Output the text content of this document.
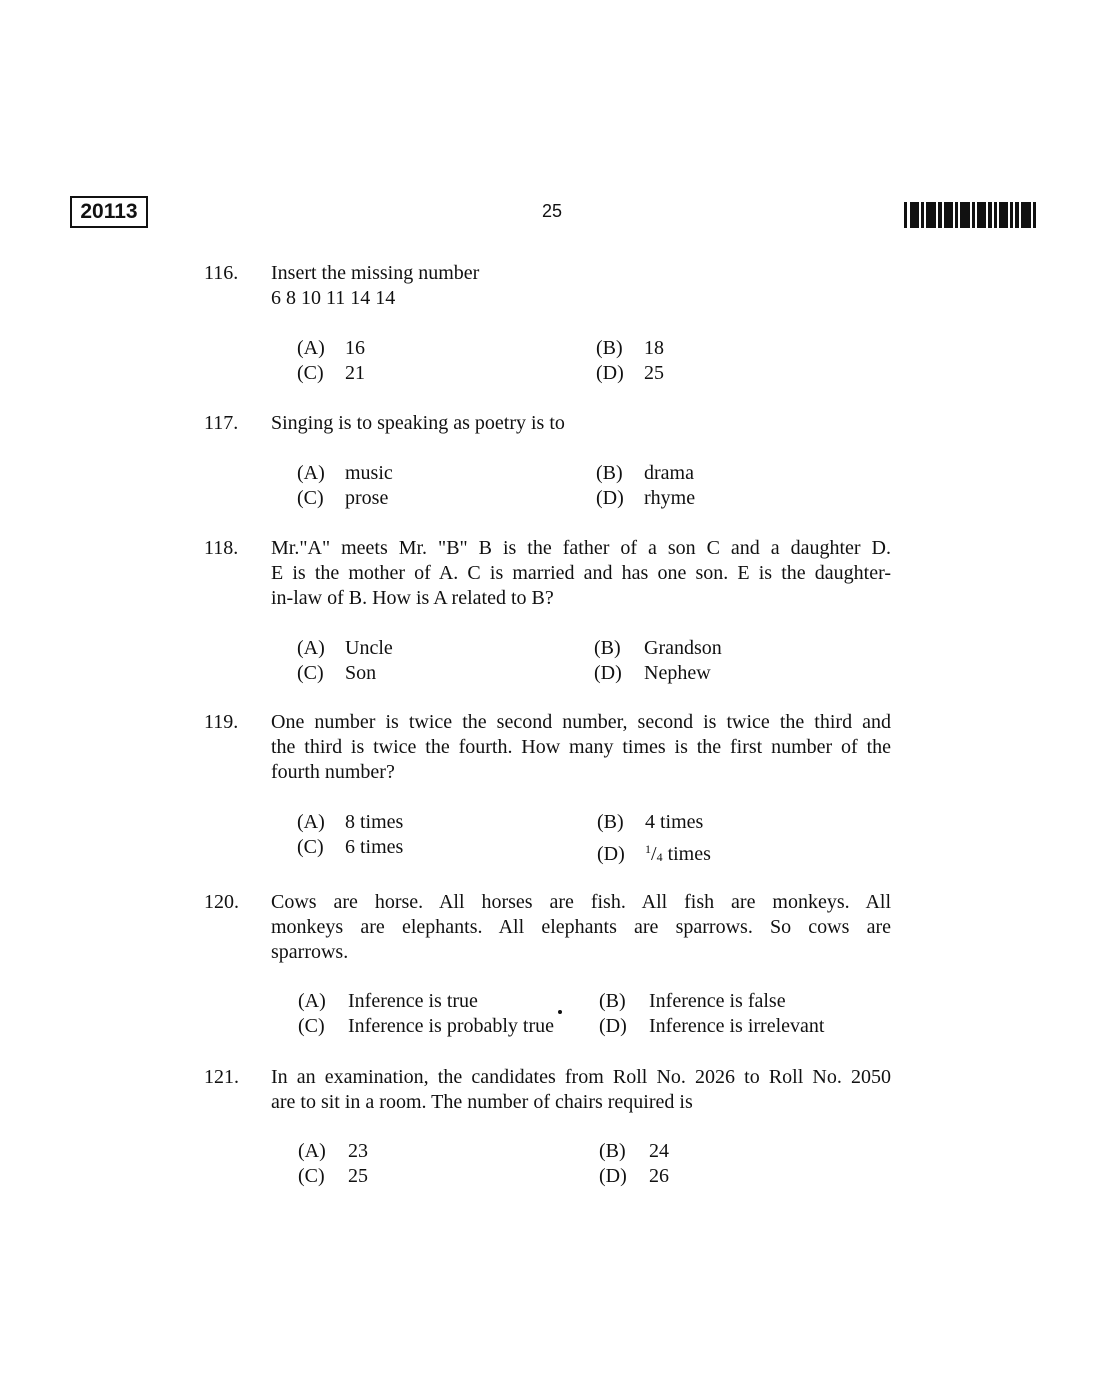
20113	25
116. Insert the missing number
6 8 10 11 14 14
(A) 16	(B) 18
(C) 21	(D) 25
117. Singing is to speaking as poetry is to
(A) music	(B) drama
(C) prose	(D) rhyme
118. Mr."A" meets Mr. "B" B is the father of a son C and a daughter D.
E is the mother of A. C is married and has one son. E is the daughter-
in-law of B. How is A related to B?
(A) Uncle	(B) Grandson
(C) Son	(D) Nephew
119. One number is twice the second number, second is twice the third and
the third is twice the fourth. How many times is the first number of the
fourth number?
(A) 8 times	(B) 4 times
(C) 6 times	(D) $^1/_4$ times
120. Cows are horse. All horses are fish. All fish are monkeys. All
monkeys are elephants. All elephants are sparrows. So cows are
sparrows.
(A) Inference is true	(B) Inference is false
(C) Inference is probably true (D) Inference is irrelevant
121. In an examination, the candidates from Roll No. 2026 to Roll No. 2050
are to sit in a room. The number of chairs required is
(A) 23	(B) 24
(C) 25	(D) 26
